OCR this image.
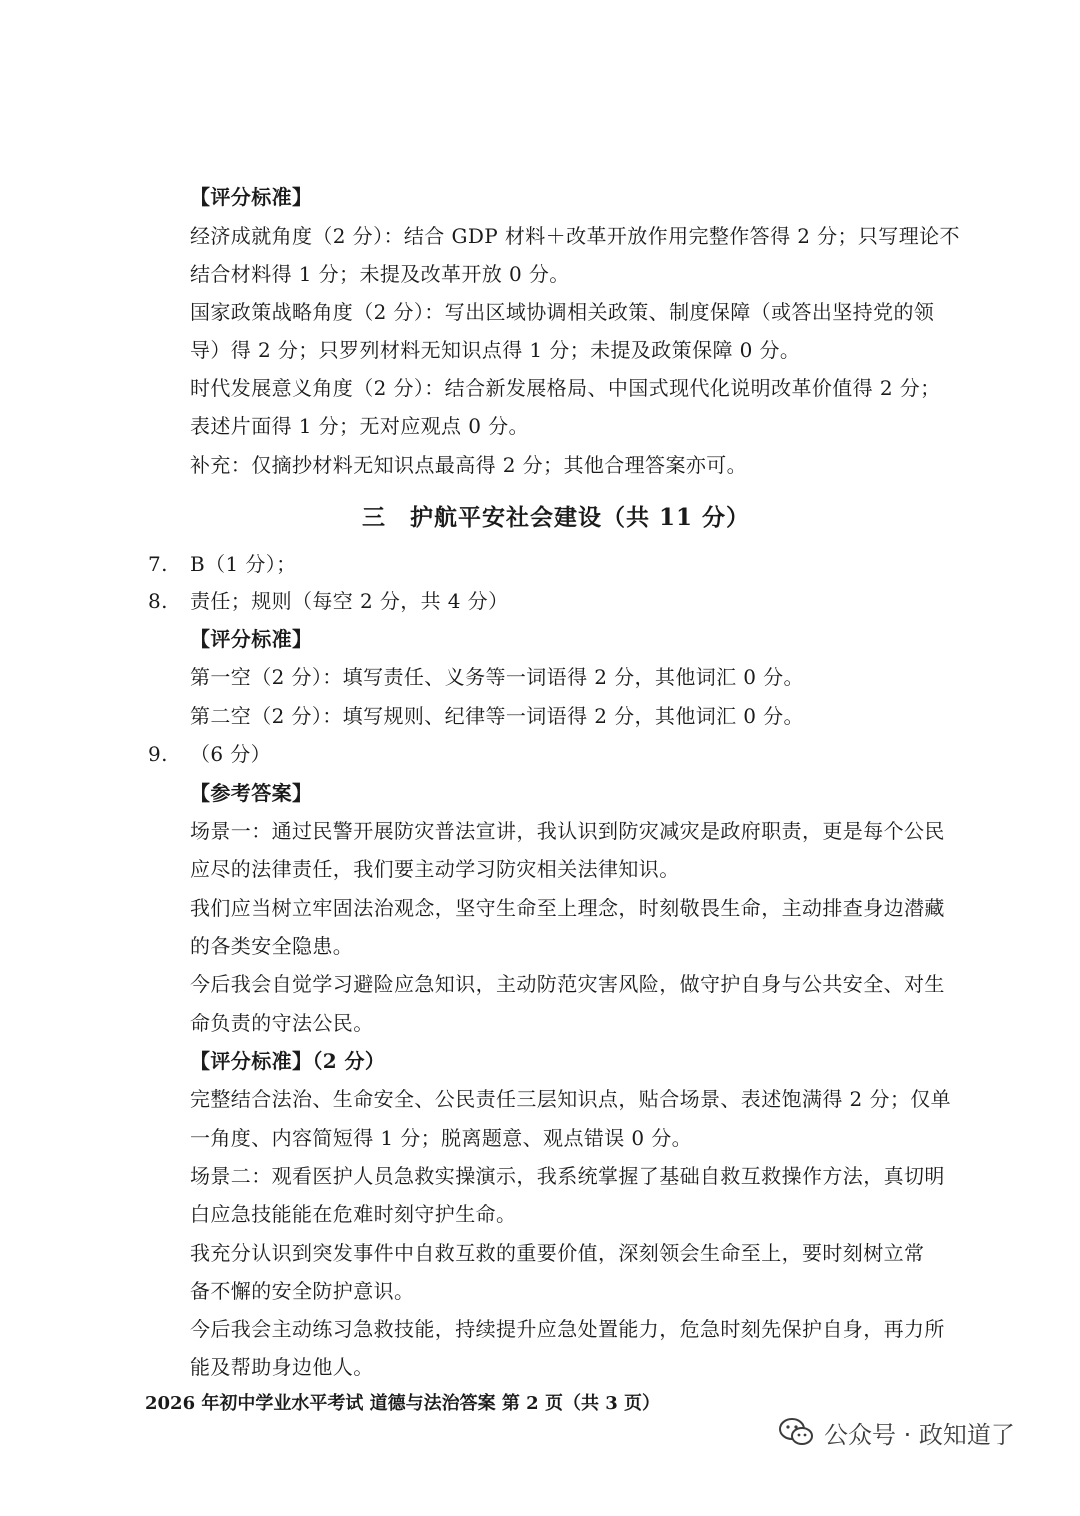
【评分标准】
经济成就角度（2 分）：结合 GDP 材料＋改革开放作用完整作答得 2 分；只写理论不
结合材料得 1 分；未提及改革开放 0 分。
国家政策战略角度（2 分）：写出区域协调相关政策、制度保障（或答出坚持党的领
导）得 2 分；只罗列材料无知识点得 1 分；未提及政策保障 0 分。
时代发展意义角度（2 分）：结合新发展格局、中国式现代化说明改革价值得 2 分；
表述片面得 1 分；无对应观点 0 分。
补充：仅摘抄材料无知识点最高得 2 分；其他合理答案亦可。
三　护航平安社会建设（共 11 分）
7. B（1 分）；
8. 责任；规则（每空 2 分，共 4 分）
【评分标准】
第一空（2 分）：填写责任、义务等一词语得 2 分，其他词汇 0 分。
第二空（2 分）：填写规则、纪律等一词语得 2 分，其他词汇 0 分。
9. （6 分）
【参考答案】
场景一：通过民警开展防灾普法宣讲，我认识到防灾减灾是政府职责，更是每个公民
应尽的法律责任，我们要主动学习防灾相关法律知识。
我们应当树立牢固法治观念，坚守生命至上理念，时刻敬畏生命，主动排查身边潜藏
的各类安全隐患。
今后我会自觉学习避险应急知识，主动防范灾害风险，做守护自身与公共安全、对生
命负责的守法公民。
【评分标准】（2 分）
完整结合法治、生命安全、公民责任三层知识点，贴合场景、表述饱满得 2 分；仅单
一角度、内容简短得 1 分；脱离题意、观点错误 0 分。
场景二：观看医护人员急救实操演示，我系统掌握了基础自救互救操作方法，真切明
白应急技能能在危难时刻守护生命。
我充分认识到突发事件中自救互救的重要价值，深刻领会生命至上，要时刻树立常
备不懈的安全防护意识。
今后我会主动练习急救技能，持续提升应急处置能力，危急时刻先保护自身，再力所
能及帮助身边他人。
2026 年初中学业水平考试 道德与法治答案 第 2 页（共 3 页）
公众号 · 政知道了
